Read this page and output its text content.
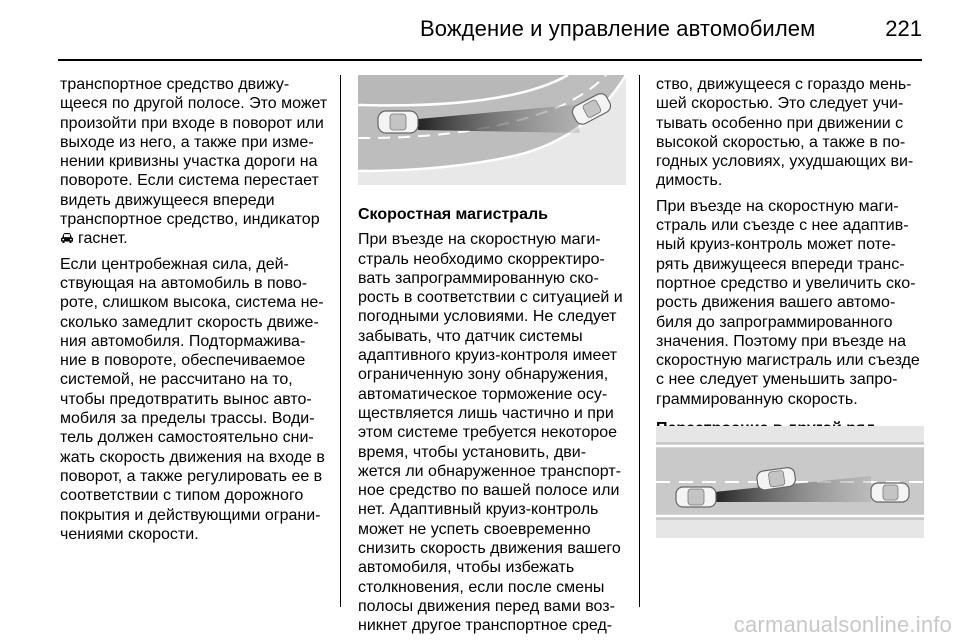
Вождение и управление автомобилем	221

транспортное средство движу-
щееся по другой полосе. Это может
произойти при входе в поворот или
выходе из него, а также при изме-
нении кривизны участка дороги на
повороте. Если система перестает
видеть движущееся впереди
транспортное средство, индикатор
гаснет.

Если центробежная сила, дей-
ствующая на автомобиль в пово-
роте, слишком высока, система не-
сколько замедлит скорость движе-
ния автомобиля. Подтормажива-
ние в повороте, обеспечиваемое
системой, не рассчитано на то,
чтобы предотвратить вынос авто-
мобиля за пределы трассы. Води-
тель должен самостоятельно сни-
жать скорость движения на входе в
поворот, а также регулировать ее в
соответствии с типом дорожного
покрытия и действующими ограни-
чениями скорости.

Скоростная магистраль

При въезде на скоростную маги-
страль необходимо скорректиро-
вать запрограммированную ско-
рость в соответствии с ситуацией и
погодными условиями. Не следует
забывать, что датчик системы
адаптивного круиз-контроля имеет
ограниченную зону обнаружения,
автоматическое торможение осу-
ществляется лишь частично и при
этом системе требуется некоторое
время, чтобы установить, дви-
жется ли обнаруженное транспорт-
ное средство по вашей полосе или
нет. Адаптивный круиз-контроль
может не успеть своевременно
снизить скорость движения вашего
автомобиля, чтобы избежать
столкновения, если после смены
полосы движения перед вами воз-
никнет другое транспортное сред-

ство, движущееся с гораздо мень-
шей скоростью. Это следует учи-
тывать особенно при движении с
высокой скоростью, а также в по-
годных условиях, ухудшающих ви-
димость.

При въезде на скоростную маги-
страль или съезде с нее адаптив-
ный круиз-контроль может поте-
рять движущееся впереди транс-
портное средство и увеличить ско-
рость движения вашего автомо-
биля до запрограммированного
значения. Поэтому при въезде на
скоростную магистраль или съезде
с нее следует уменьшить запро-
граммированную скорость.

carmanualsonline.info
